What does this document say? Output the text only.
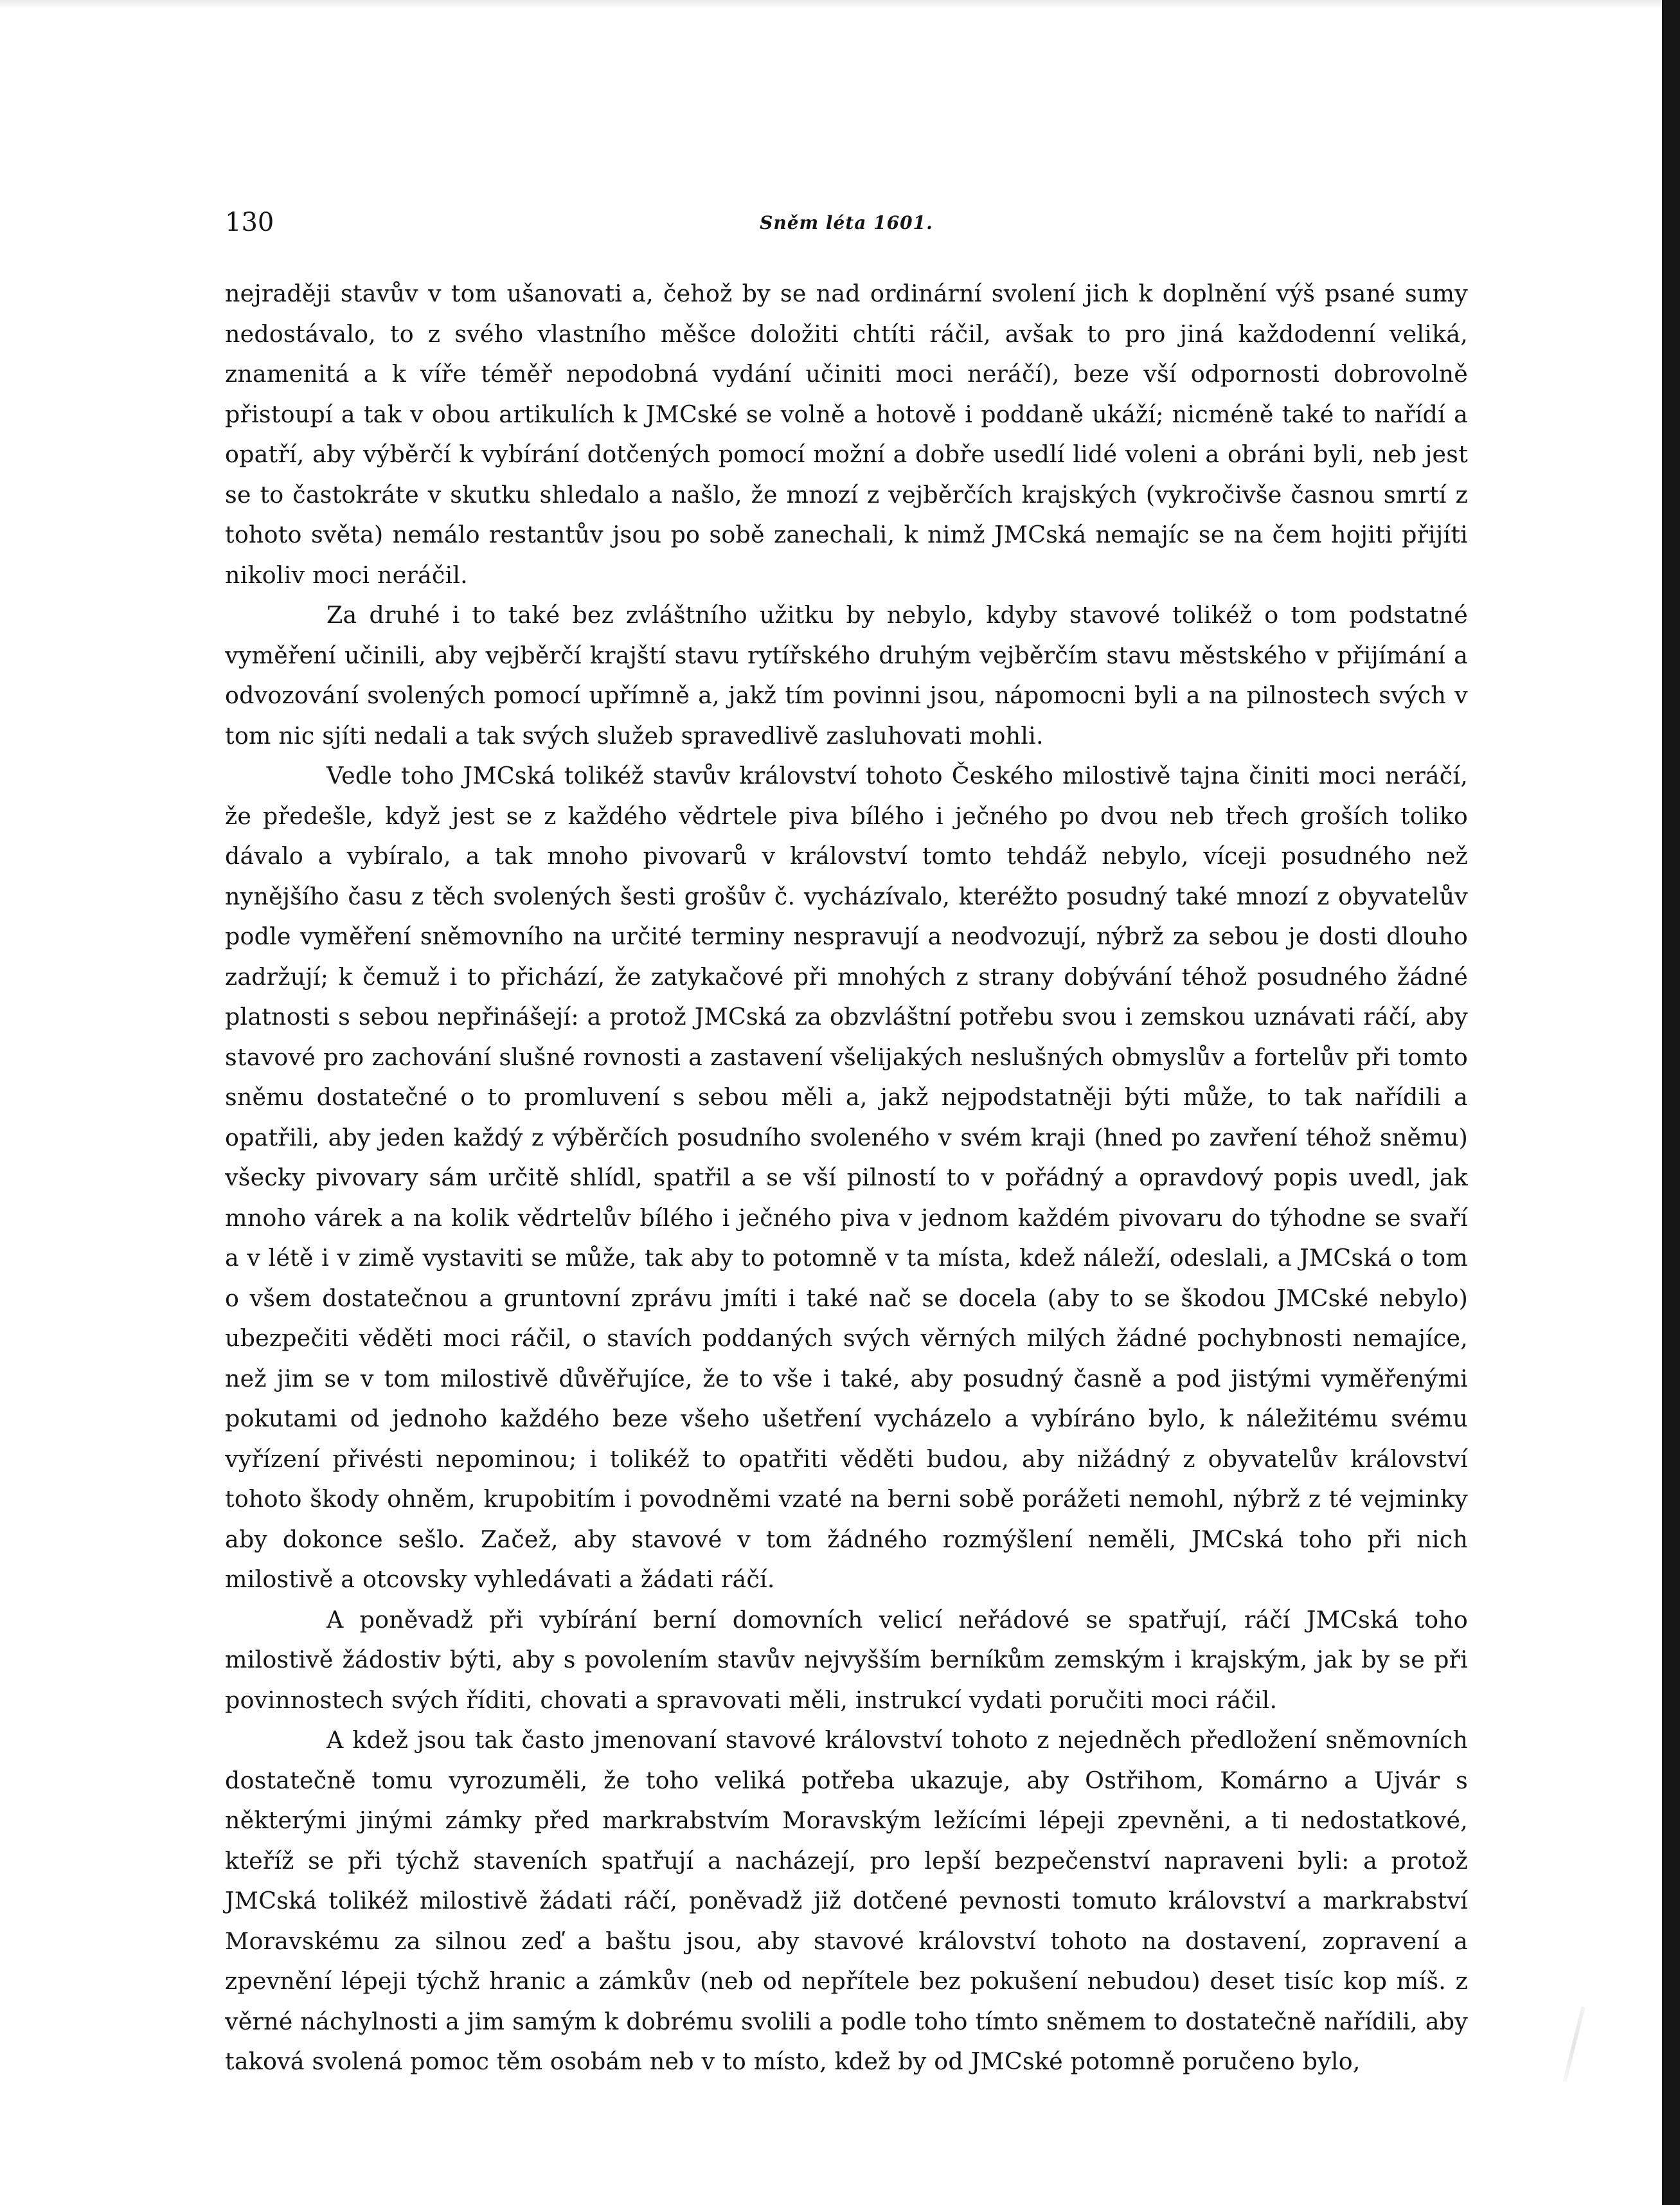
130	Sněm léta 1601.

nejraději stavův v tom ušanovati a, čehož by se nad ordinární svolení jich k doplnění výš psané sumy nedostávalo, to z svého vlastního měšce doložiti chtíti ráčil, avšak to pro jiná každodenní veliká, znamenitá a k víře téměř nepodobná vydání učiniti moci neráčí), beze vší odpornosti dobrovolně přistoupí a tak v obou artikulích k JMCské se volně a hotově i poddaně ukáží; nicméně také to nařídí a opatří, aby výběrčí k vybírání dotčených pomocí možní a dobře usedlí lidé voleni a obráni byli, neb jest se to častokráte v skutku shledalo a našlo, že mnozí z vejběrčích krajských (vykročivše časnou smrtí z tohoto světa) nemálo restantův jsou po sobě zanechali, k nimž JMCská nemajíc se na čem hojiti přijíti nikoliv moci neráčil.

Za druhé i to také bez zvláštního užitku by nebylo, kdyby stavové tolikéž o tom podstatné vyměření učinili, aby vejběrčí krajští stavu rytířského druhým vejběrčím stavu městského v přijímání a odvozování svolených pomocí upřímně a, jakž tím povinni jsou, nápomocni byli a na pilnostech svých v tom nic sjíti nedali a tak svých služeb spravedlivě zasluhovati mohli.

Vedle toho JMCská tolikéž stavův království tohoto Českého milostivě tajna činiti moci neráčí, že předešle, když jest se z každého vědrtele piva bílého i ječného po dvou neb třech groších toliko dávalo a vybíralo, a tak mnoho pivovarů v království tomto tehdáž nebylo, víceji posudného než nynějšího času z těch svolených šesti grošův č. vycházívalo, kteréžto posudný také mnozí z obyvatelův podle vyměření sněmovního na určité terminy nespravují a neodvozují, nýbrž za sebou je dosti dlouho zadržují; k čemuž i to přichází, že zatykačové při mnohých z strany dobývání téhož posudného žádné platnosti s sebou nepřinášejí: a protož JMCská za obzvláštní potřebu svou i zemskou uznávati ráčí, aby stavové pro zachování slušné rovnosti a zastavení všelijakých neslušných obmyslův a fortelův při tomto sněmu dostatečné o to promluvení s sebou měli a, jakž nejpodstatněji býti může, to tak nařídili a opatřili, aby jeden každý z výběrčích posudního svoleného v svém kraji (hned po zavření téhož sněmu) všecky pivovary sám určitě shlídl, spatřil a se vší pilností to v pořádný a opravdový popis uvedl, jak mnoho várek a na kolik vědrtelův bílého i ječného piva v jednom každém pivovaru do týhodne se svaří a v létě i v zimě vystaviti se může, tak aby to potomně v ta místa, kdež náleží, odeslali, a JMCská o tom o všem dostatečnou a gruntovní zprávu jmíti i také nač se docela (aby to se škodou JMCské nebylo) ubezpečiti věděti moci ráčil, o stavích poddaných svých věrných milých žádné pochybnosti nemajíce, než jim se v tom milostivě důvěřujíce, že to vše i také, aby posudný časně a pod jistými vyměřenými pokutami od jednoho každého beze všeho ušetření vycházelo a vybíráno bylo, k náležitému svému vyřízení přivésti nepominou; i tolikéž to opatřiti věděti budou, aby nižádný z obyvatelův království tohoto škody ohněm, krupobitím i povodněmi vzaté na berni sobě porážeti nemohl, nýbrž z té vejminky aby dokonce sešlo. Začež, aby stavové v tom žádného rozmýšlení neměli, JMCská toho při nich milostivě a otcovsky vyhledávati a žádati ráčí.

A poněvadž při vybírání berní domovních velicí neřádové se spatřují, ráčí JMCská toho milostivě žádostiv býti, aby s povolením stavův nejvyšším berníkům zemským i krajským, jak by se při povinnostech svých říditi, chovati a spravovati měli, instrukcí vydati poručiti moci ráčil.

A kdež jsou tak často jmenovaní stavové království tohoto z nejedněch předložení sněmovních dostatečně tomu vyrozuměli, že toho veliká potřeba ukazuje, aby Ostřihom, Komárno a Ujvár s některými jinými zámky před markrabstvím Moravským ležícími lépeji zpevněni, a ti nedostatkové, kteříž se při týchž staveních spatřují a nacházejí, pro lepší bezpečenství napraveni byli: a protož JMCská tolikéž milostivě žádati ráčí, poněvadž již dotčené pevnosti tomuto království a markrabství Moravskému za silnou zeď a baštu jsou, aby stavové království tohoto na dostavení, zopravení a zpevnění lépeji týchž hranic a zámkův (neb od nepřítele bez pokušení nebudou) deset tisíc kop míš. z věrné náchylnosti a jim samým k dobrému svolili a podle toho tímto sněmem to dostatečně nařídili, aby taková svolená pomoc těm osobám neb v to místo, kdež by od JMCské potomně poručeno bylo,
